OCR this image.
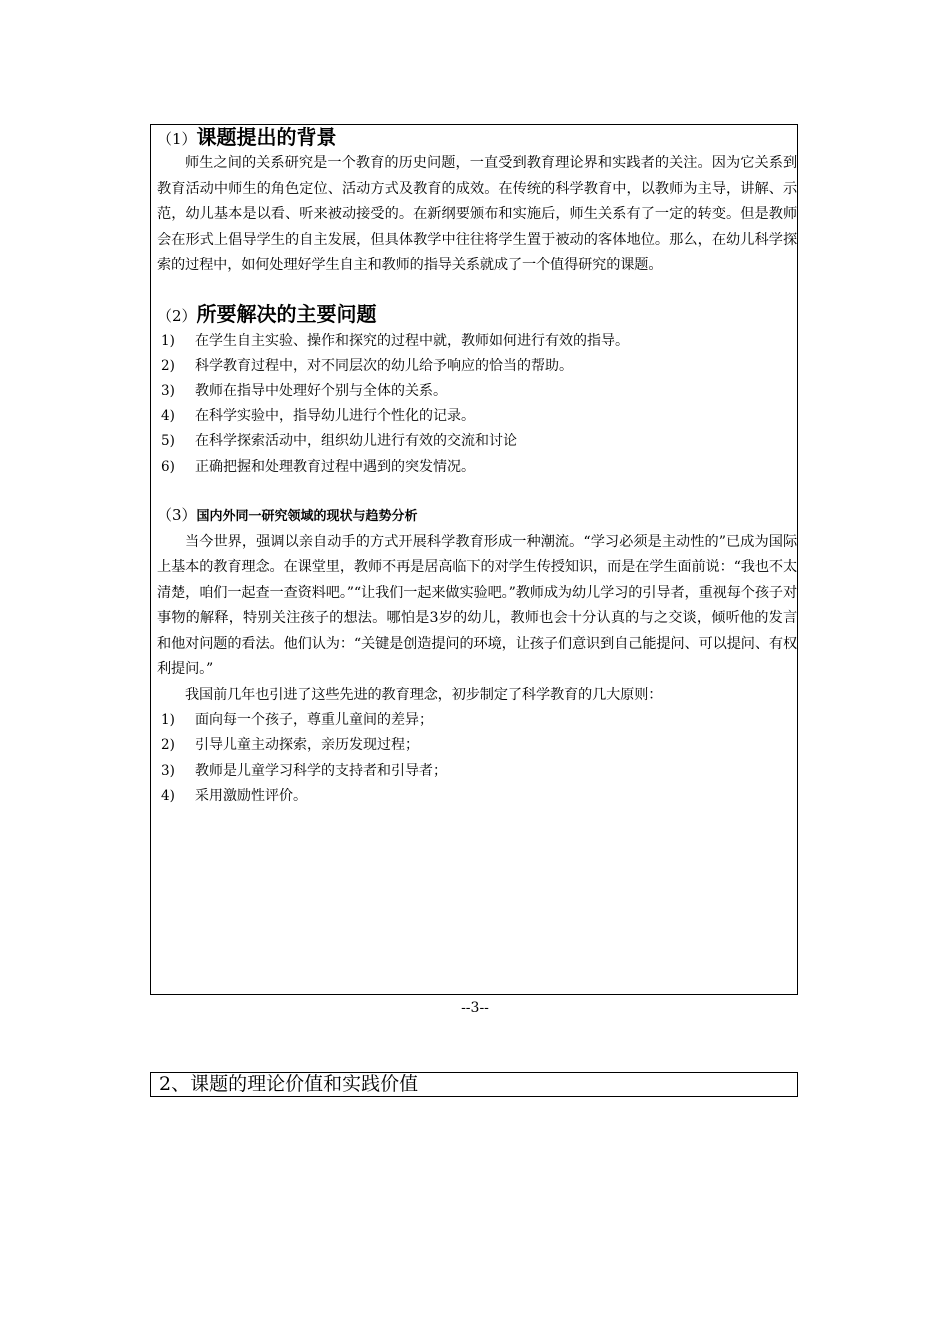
（1）课题提出的背景

师生之间的关系研究是一个教育的历史问题，一直受到教育理论界和实践者的关注。因为它关系到教育活动中师生的角色定位、活动方式及教育的成效。在传统的科学教育中，以教师为主导，讲解、示范，幼儿基本是以看、听来被动接受的。在新纲要颁布和实施后，师生关系有了一定的转变。但是教师会在形式上倡导学生的自主发展，但具体教学中往往将学生置于被动的客体地位。那么，在幼儿科学探索的过程中，如何处理好学生自主和教师的指导关系就成了一个值得研究的课题。

（2）所要解决的主要问题
1)	在学生自主实验、操作和探究的过程中就，教师如何进行有效的指导。
2)	科学教育过程中，对不同层次的幼儿给予响应的恰当的帮助。
3)	教师在指导中处理好个别与全体的关系。
4)	在科学实验中，指导幼儿进行个性化的记录。
5)	在科学探索活动中，组织幼儿进行有效的交流和讨论
6)	正确把握和处理教育过程中遇到的突发情况。
（3）国内外同一研究领域的现状与趋势分析

当今世界，强调以亲自动手的方式开展科学教育形成一种潮流。“学习必须是主动性的”已成为国际上基本的教育理念。在课堂里，教师不再是居高临下的对学生传授知识，而是在学生面前说：“我也不太清楚，咱们一起查一查资料吧。”“让我们一起来做实验吧。”教师成为幼儿学习的引导者，重视每个孩子对事物的解释，特别关注孩子的想法。哪怕是3岁的幼儿，教师也会十分认真的与之交谈，倾听他的发言和他对问题的看法。他们认为：“关键是创造提问的环境，让孩子们意识到自己能提问、可以提问、有权利提问。”

我国前几年也引进了这些先进的教育理念，初步制定了科学教育的几大原则：

1)	面向每一个孩子，尊重儿童间的差异；
2)	引导儿童主动探索，亲历发现过程；
3)	教师是儿童学习科学的支持者和引导者；
4)	采用激励性评价。
--3--
2、课题的理论价值和实践价值
